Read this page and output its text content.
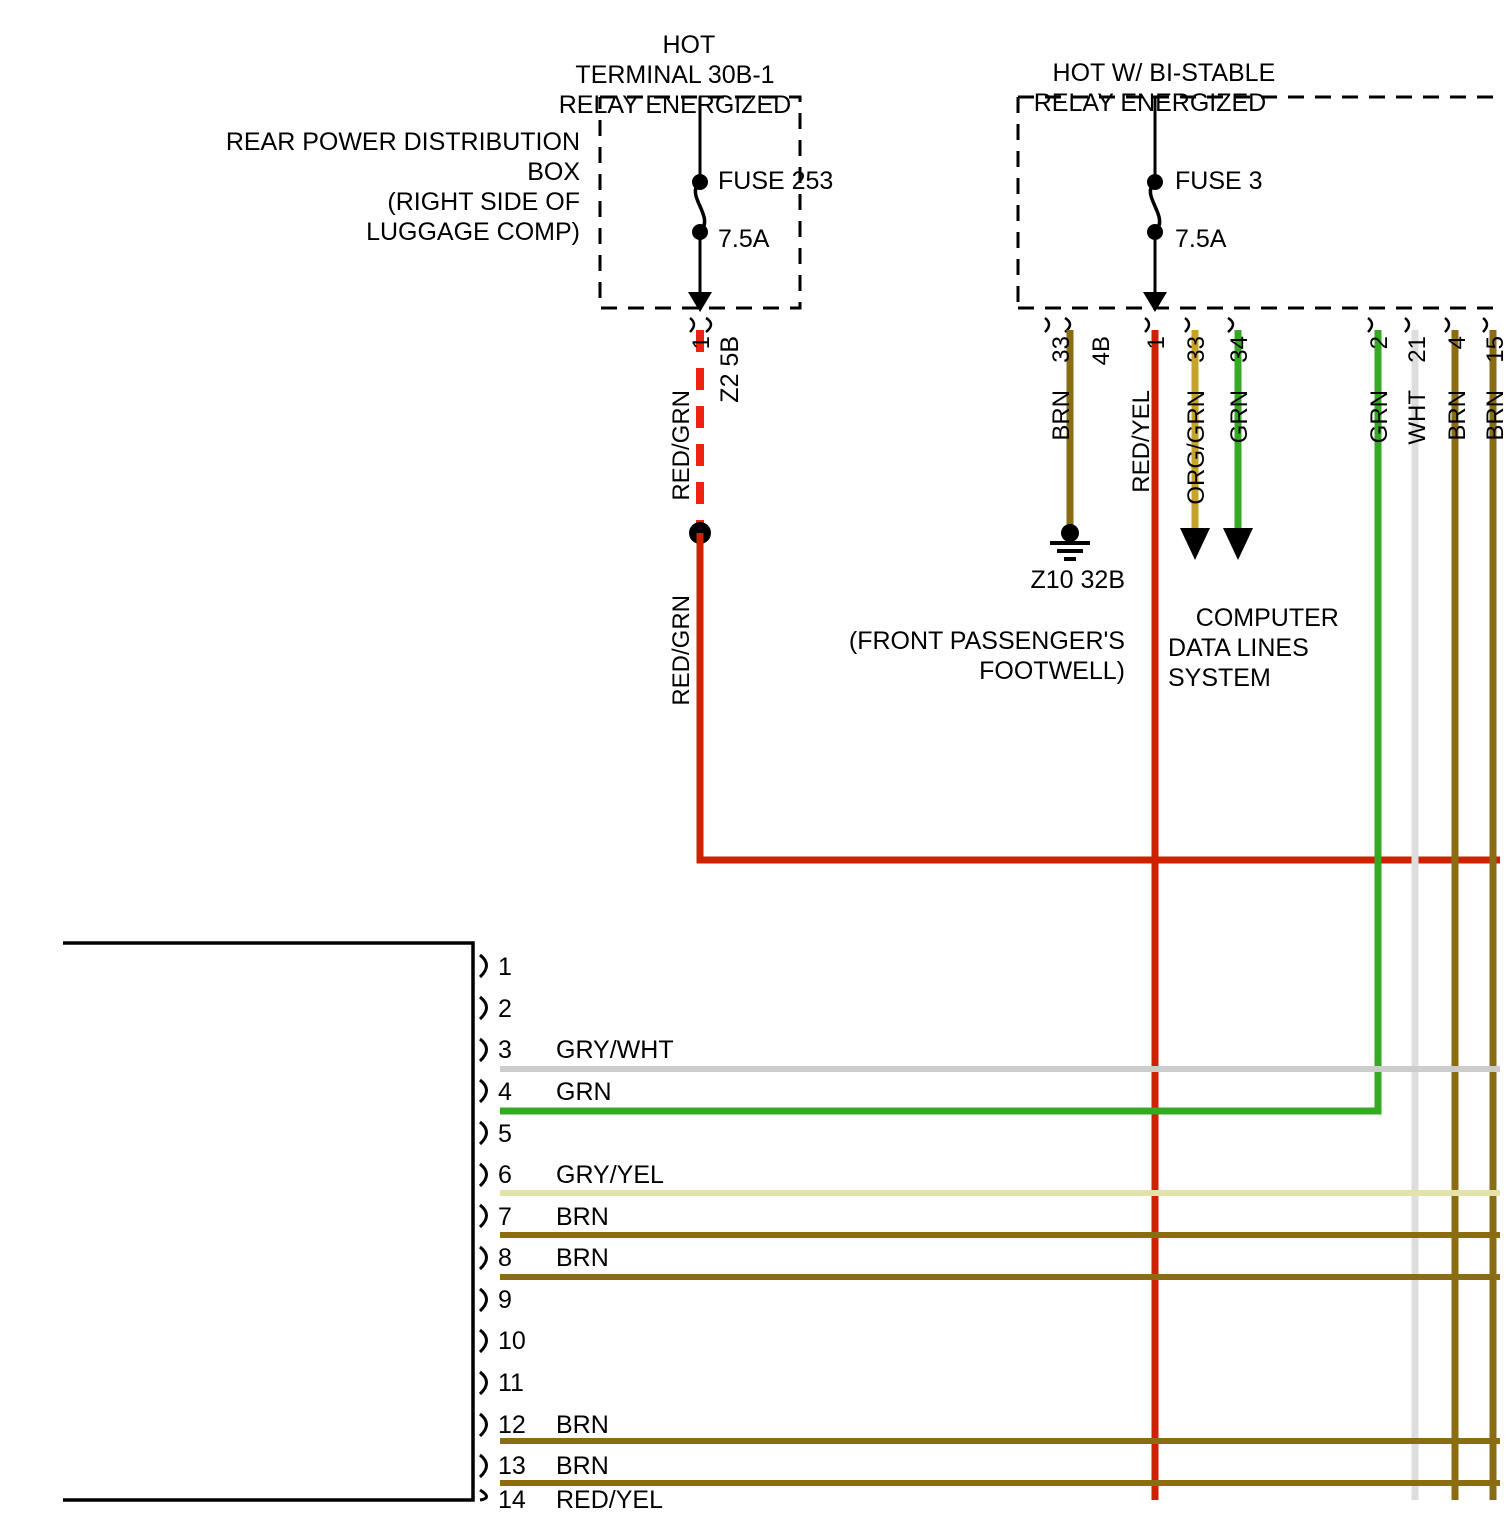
HOT
TERMINAL 30B-1
RELAY ENERGIZED

HOT W/ BI-STABLE
RELAY ENERGIZED

REAR POWER DISTRIBUTION
BOX
(RIGHT SIDE OF
LUGGAGE COMP)

FUSE 253
7.5A
FUSE 3
7.5A
1	33 4B 1 33 34	2 21 4 15
Z2 5B
RED/GRN	BRN RED/YEL ORG/GRN GRN	GRN WHT BRN BRN
RED/GRN
Z10 32B

(FRONT PASSENGER'S
FOOTWELL)

COMPUTER
DATA LINES
SYSTEM

1
2
3 GRY/WHT
4 GRN
5
6 GRY/YEL
7 BRN
8 BRN
9
10
11
12 BRN
13 BRN
14 RED/YEL
